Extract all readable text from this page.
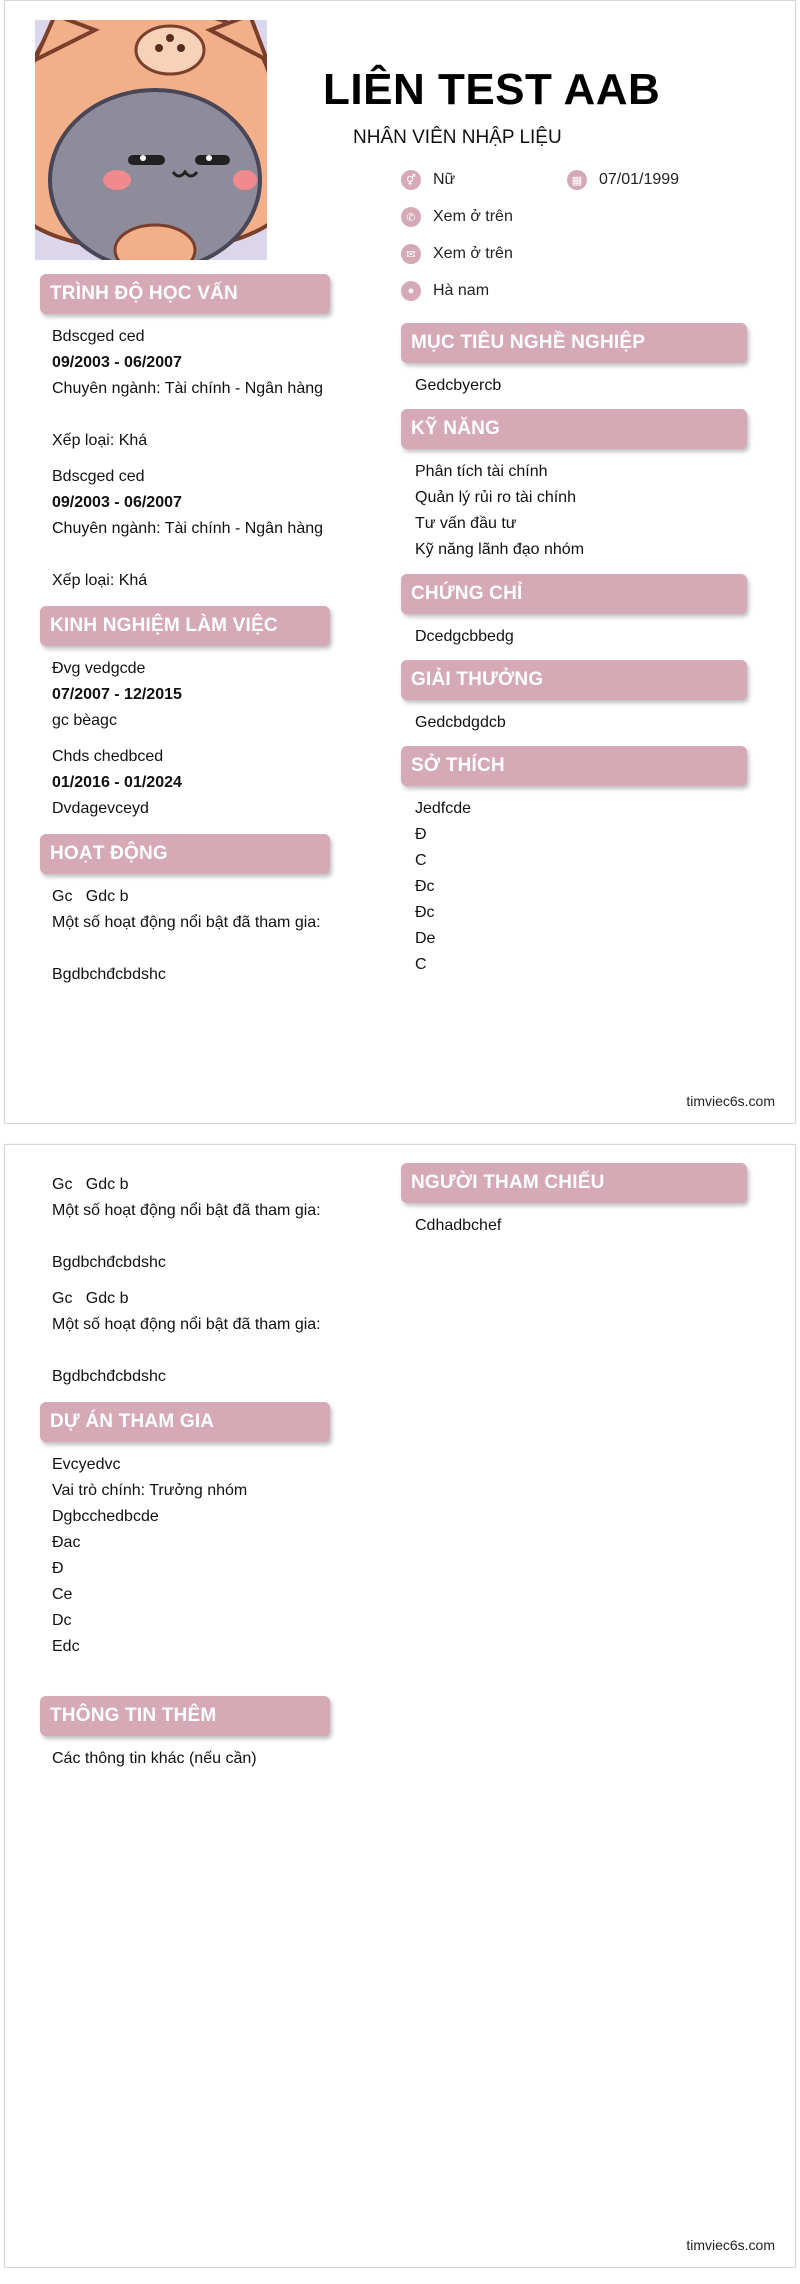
LIÊN TEST AAB
NHÂN VIÊN NHẬP LIỆU
⚥	Nữ	▦ 07/01/1999
✆	Xem ở trên
✉	Xem ở trên
●	Hà nam
TRÌNH ĐỘ HỌC VẤN
Bdscged ced
09/2003 - 06/2007
Chuyên ngành: Tài chính - Ngân hàng
Xếp loại: Khá
Bdscged ced
09/2003 - 06/2007
Chuyên ngành: Tài chính - Ngân hàng
Xếp loại: Khá
KINH NGHIỆM LÀM VIỆC
Đvg vedgcde
07/2007 - 12/2015
gc bèagc
Chds chedbced
01/2016 - 01/2024
Dvdagevceyd
HOẠT ĐỘNG
Gc   Gdc b
Một số hoạt động nổi bật đã tham gia:
Bgdbchđcbdshc
MỤC TIÊU NGHỀ NGHIỆP
Gedcbyercb
KỸ NĂNG
Phân tích tài chính
Quản lý rủi ro tài chính
Tư vấn đầu tư
Kỹ năng lãnh đạo nhóm
CHỨNG CHỈ
Dcedgcbbedg
GIẢI THƯỞNG
Gedcbdgdcb
SỞ THÍCH
Jedfcde
Đ
C
Đc
Đc
De
C
timviec6s.com
Gc   Gdc b
Một số hoạt động nổi bật đã tham gia:
Bgdbchđcbdshc
Gc   Gdc b
Một số hoạt động nổi bật đã tham gia:
Bgdbchđcbdshc
DỰ ÁN THAM GIA
Evcyedvc
Vai trò chính: Trưởng nhóm
Dgbcchedbcde
Đac
Đ
Ce
Dc
Edc
THÔNG TIN THÊM
Các thông tin khác (nếu cần)
NGƯỜI THAM CHIẾU
Cdhadbchef
timviec6s.com
